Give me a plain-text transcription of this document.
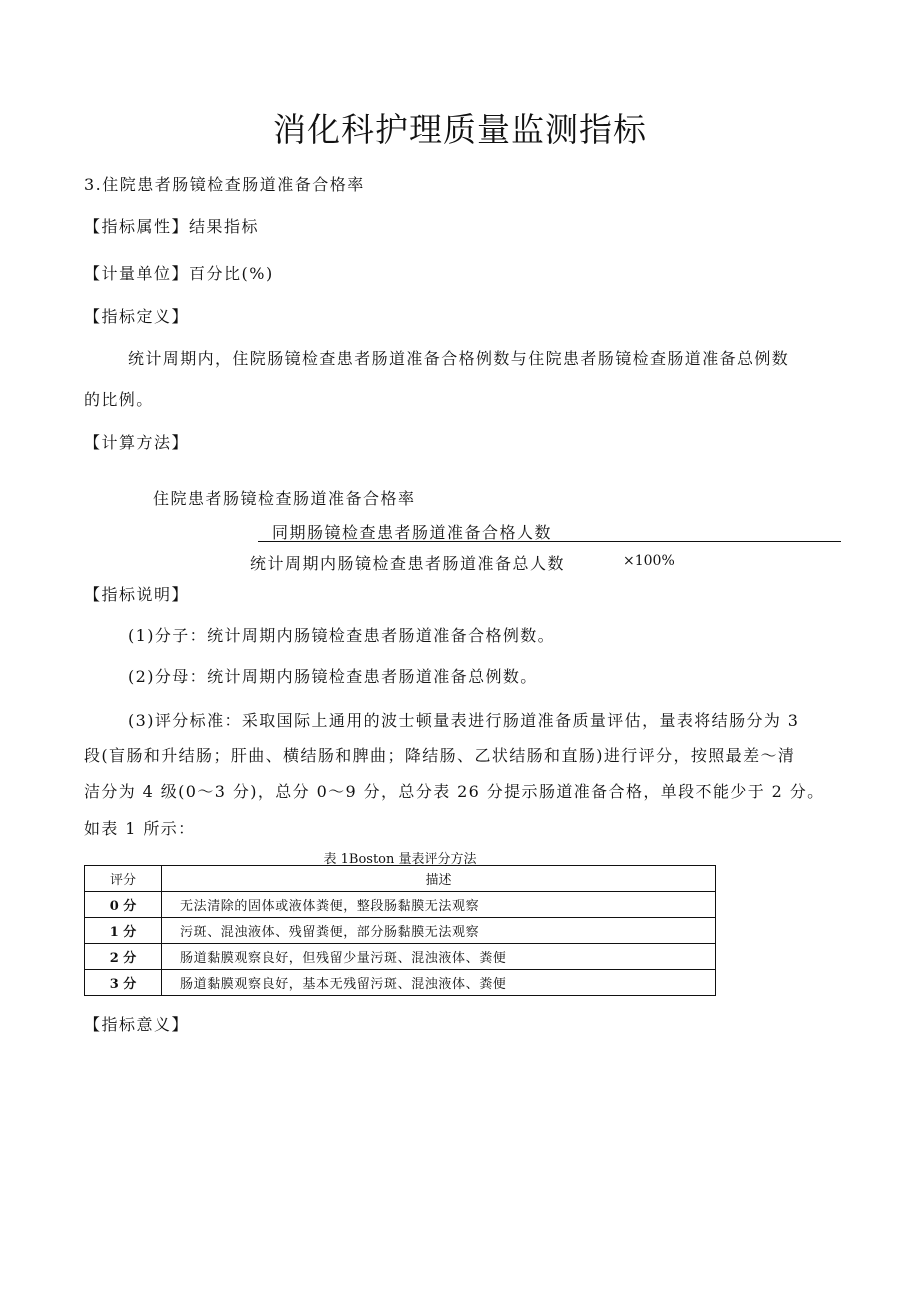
消化科护理质量监测指标
3.住院患者肠镜检查肠道准备合格率
【指标属性】结果指标
【计量单位】百分比(%)
【指标定义】
统计周期内，住院肠镜检查患者肠道准备合格例数与住院患者肠镜检查肠道准备总例数
的比例。
【计算方法】
住院患者肠镜检查肠道准备合格率
同期肠镜检查患者肠道准备合格人数
统计周期内肠镜检查患者肠道准备总人数	×100%
【指标说明】
(1)分子：统计周期内肠镜检查患者肠道准备合格例数。
(2)分母：统计周期内肠镜检查患者肠道准备总例数。
(3)评分标准：采取国际上通用的波士顿量表进行肠道准备质量评估，量表将结肠分为 3
段(盲肠和升结肠；肝曲、横结肠和脾曲；降结肠、乙状结肠和直肠)进行评分，按照最差～清
洁分为 4 级(0～3 分)，总分 0～9 分，总分表 26 分提示肠道准备合格，单段不能少于 2 分。
如表 1 所示：
表 1Boston 量表评分方法
评分	描述
0 分	无法清除的固体或液体粪便，整段肠黏膜无法观察
1 分	污斑、混浊液体、残留粪便，部分肠黏膜无法观察
2 分	肠道黏膜观察良好，但残留少量污斑、混浊液体、粪便
3 分	肠道黏膜观察良好，基本无残留污斑、混浊液体、粪便
【指标意义】
